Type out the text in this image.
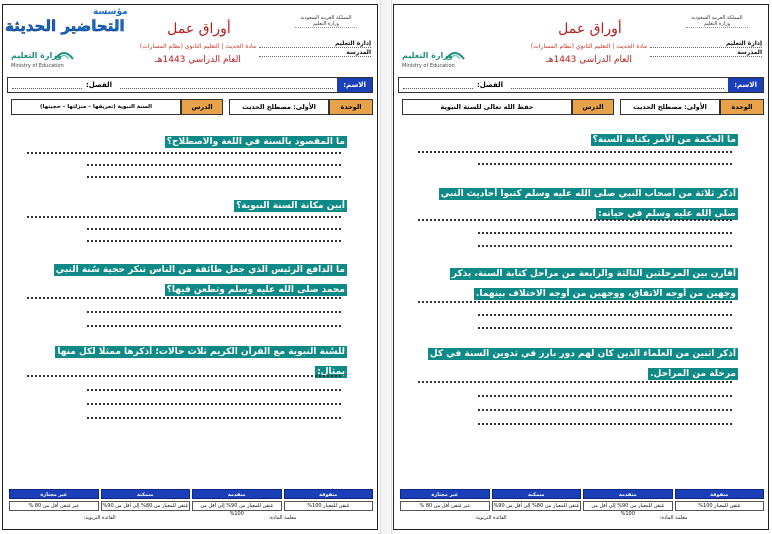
المملكة العربية السعودية وزارة التعليم
إدارة التعليم
المدرسة
أوراق عمل
مادة الحديث | التعليم الثانوي (نظام المسارات)
العام الدراسي 1443هـ
وزارة التعليم
Ministry of Education
الاسم:
الفصل:
الوحدة
الأولى: مصطلح الحديث
الدرس
السنة النبوية (تعريفها – منزلتها – حجيتها)
ما المقصود بالسنة في اللغة والاصطلاح؟
أبين مكانة السنة النبوية؟
ما الدافع الرئيس الذي جعل طائفة من الناس تنكر حجية سُنة النبي محمد صلى الله عليه وسلم وتطعن فيها؟
للسُنة النبوية مع القرآن الكريم ثلاث حالات؛ أذكرها ممثلًا لكل منها بمثال:
متفوقة
متقدمة
متمكنة
غير مجتازة
مُتقن للمعيار 100%
مُتقن للمعيار من 90% إلى أقل من 100%
مُتقن للمعيار من 80% إلى أقل من 90%
غير مُتقن أقل من 80 %
معلمة المادة:
القائدة التربوية:
مؤسسة
التحاضير الحديثة	المملكة العربية السعودية وزارة التعليم
إدارة التعليم
المدرسة
أوراق عمل
مادة الحديث | التعليم الثانوي (نظام المسارات)
العام الدراسي 1443هـ
وزارة التعليم
Ministry of Education
الاسم:
الفصل:
الوحدة
الأولى: مصطلح الحديث
الدرس
حفظ الله تعالى للسنة النبوية
ما الحكمة من الأمر بكتابة السنة؟
أذكر ثلاثة من أصحاب النبي صلى الله عليه وسلم كتبوا أحاديث النبي صلى الله عليه وسلم في حياته:
أقارن بين المرحلتين الثالثة والرابعة من مراحل كتابة السنة، بذكر وجهين من أوجه الاتفاق، ووجهين من أوجه الاختلاف بينهما.
أذكر اثنين من العلماء الذين كان لهم دور بارز في تدوين السنة في كل مرحلة من المراحل.
متفوقة
متقدمة
متمكنة
غير مجتازة
مُتقن للمعيار 100%
مُتقن للمعيار من 90% إلى أقل من 100%
مُتقن للمعيار من 80% إلى أقل من 90%
غير مُتقن أقل من 80 %
معلمة المادة:
القائدة التربوية:
